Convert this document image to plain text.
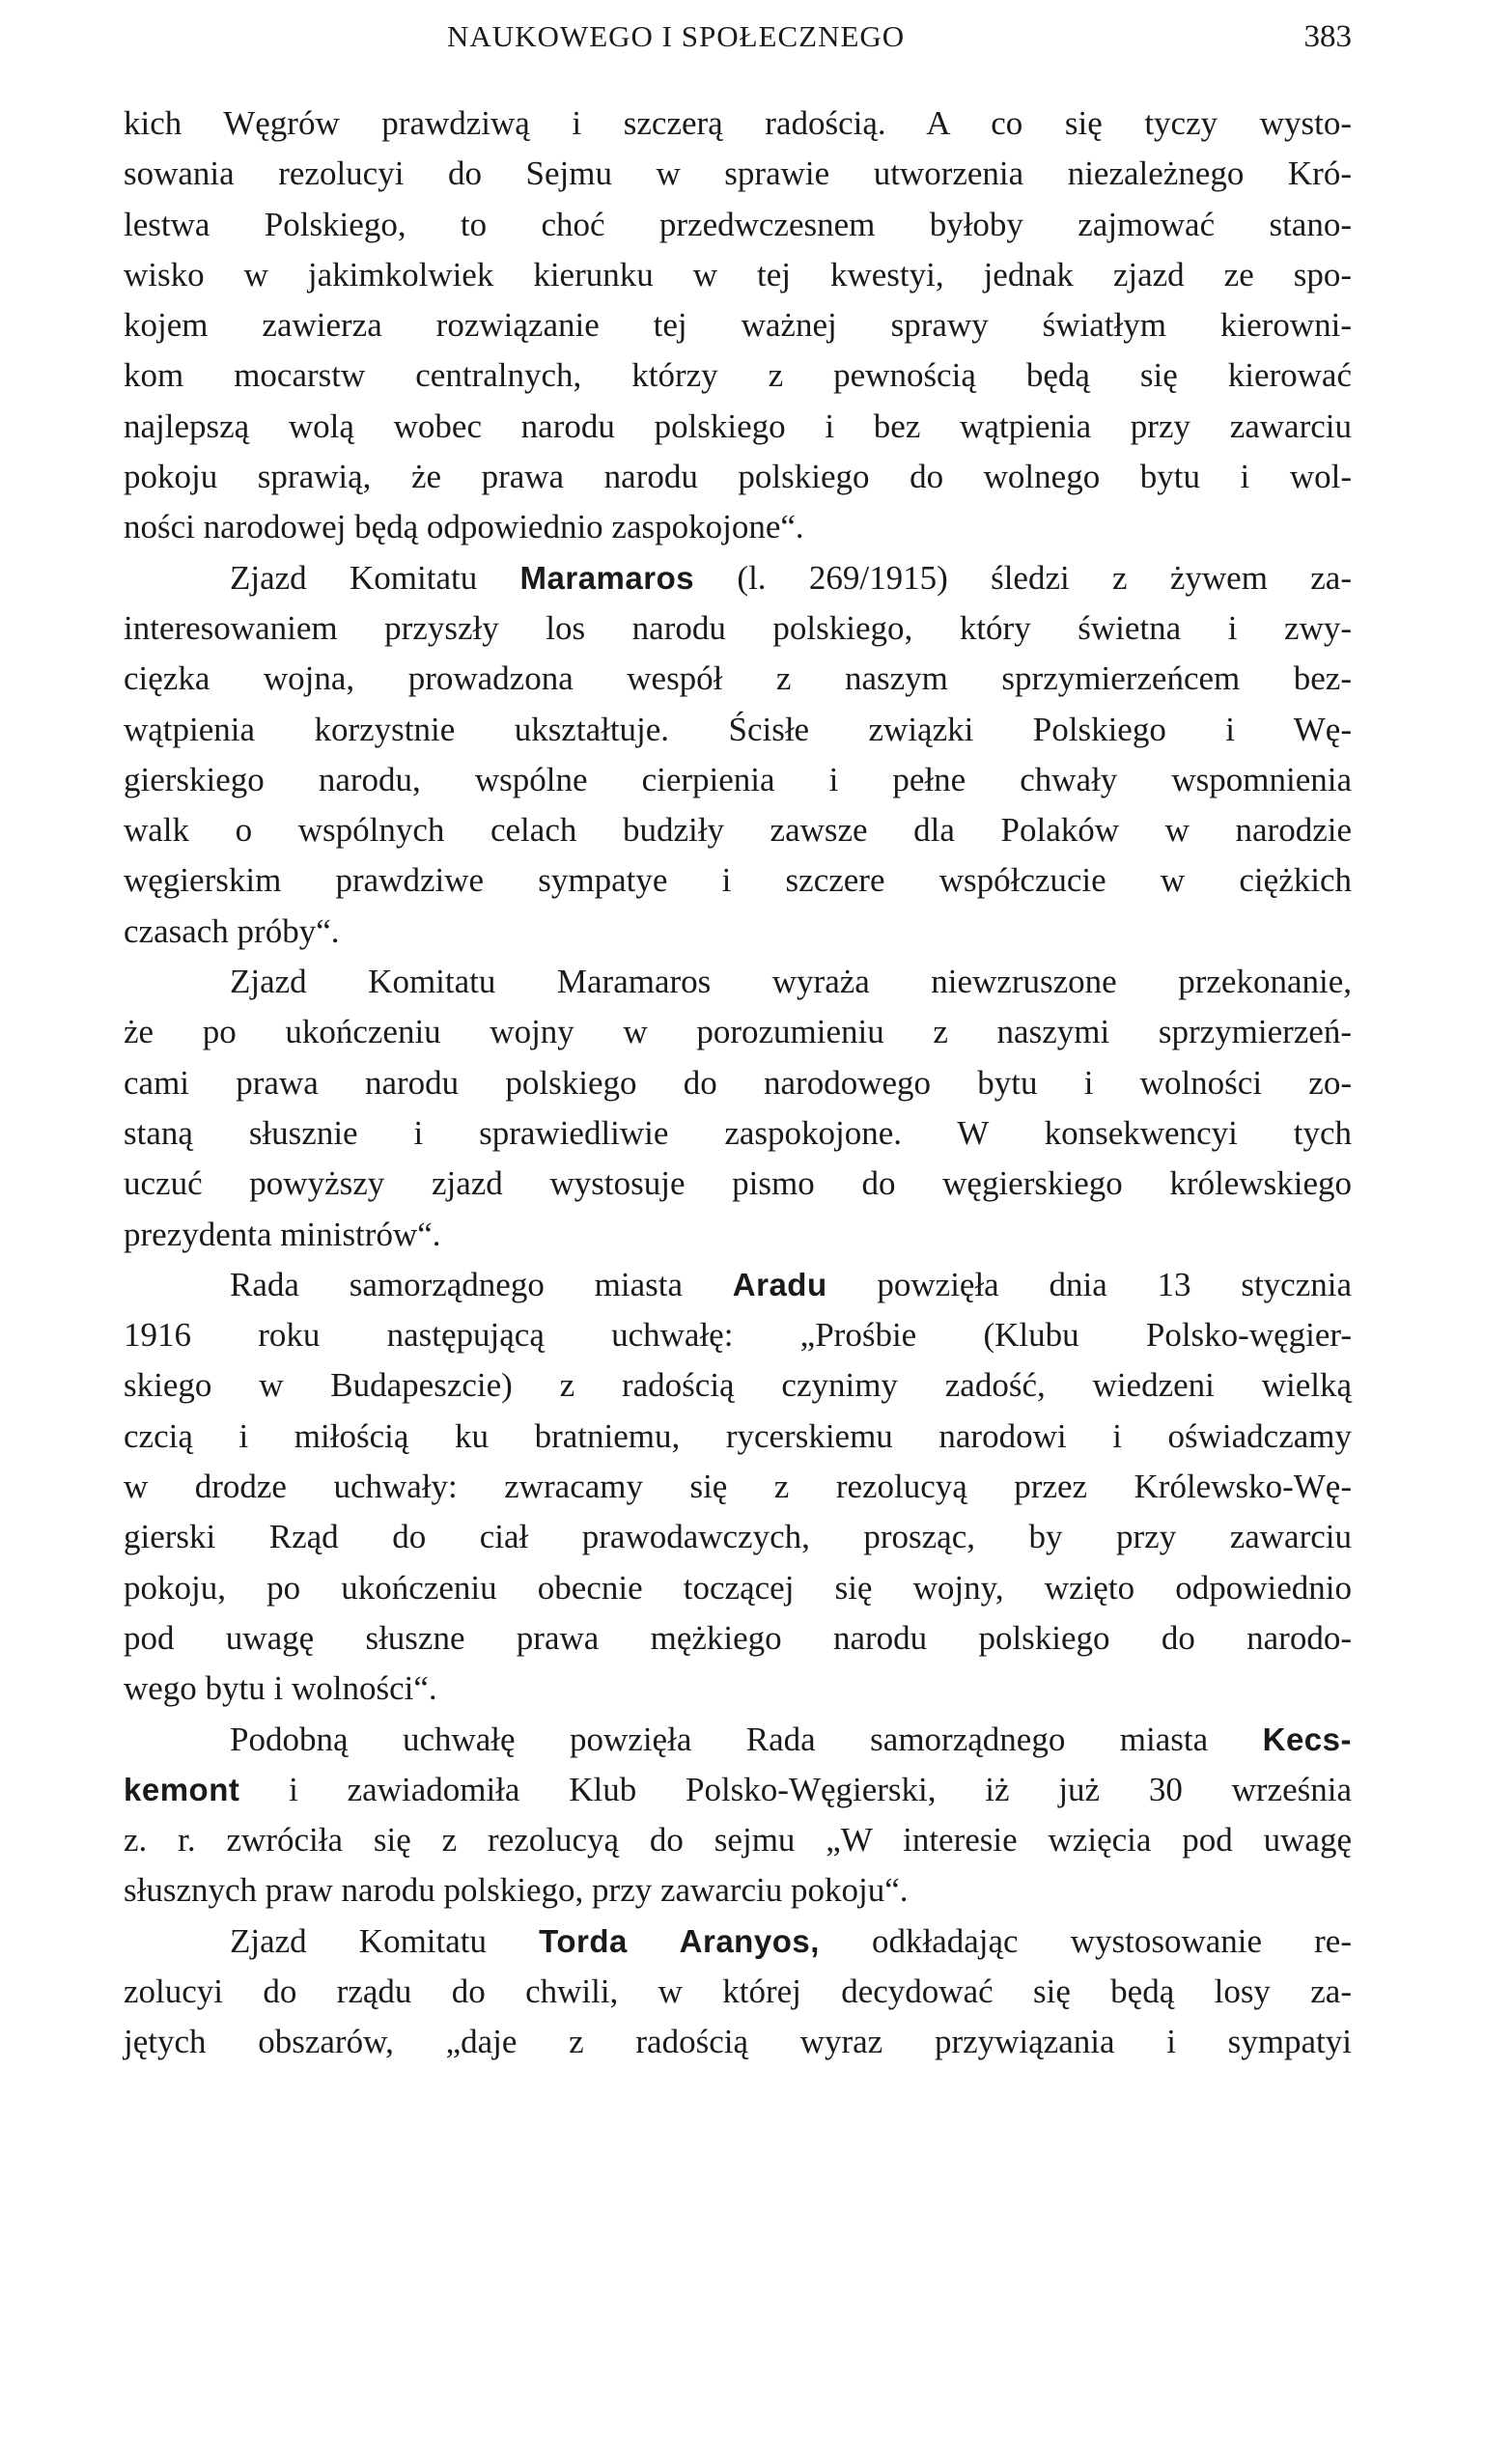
NAUKOWEGO I SPOŁECZNEGO	383
kich Węgrów prawdziwą i szczerą radością. A co się tyczy wysto-
sowania rezolucyi do Sejmu w sprawie utworzenia niezależnego Kró-
lestwa Polskiego, to choć przedwczesnem byłoby zajmować stano-
wisko w jakimkolwiek kierunku w tej kwestyi, jednak zjazd ze spo-
kojem zawierza rozwiązanie tej ważnej sprawy światłym kierowni-
kom mocarstw centralnych, którzy z pewnością będą się kierować
najlepszą wolą wobec narodu polskiego i bez wątpienia przy zawarciu
pokoju sprawią, że prawa narodu polskiego do wolnego bytu i wol-
ności narodowej będą odpowiednio zaspokojone“.
Zjazd Komitatu Maramaros (l. 269/1915) śledzi z żywem za-
interesowaniem przyszły los narodu polskiego, który świetna i zwy-
cięzka wojna, prowadzona wespół z naszym sprzymierzeńcem bez-
wątpienia korzystnie ukształtuje. Ścisłe związki Polskiego i Wę-
gierskiego narodu, wspólne cierpienia i pełne chwały wspomnienia
walk o wspólnych celach budziły zawsze dla Polaków w narodzie
węgierskim prawdziwe sympatye i szczere współczucie w ciężkich
czasach próby“.
Zjazd Komitatu Maramaros wyraża niewzruszone przekonanie,
że po ukończeniu wojny w porozumieniu z naszymi sprzymierzeń-
cami prawa narodu polskiego do narodowego bytu i wolności zo-
staną słusznie i sprawiedliwie zaspokojone. W konsekwencyi tych
uczuć powyższy zjazd wystosuje pismo do węgierskiego królewskiego
prezydenta ministrów“.
Rada samorządnego miasta Aradu powzięła dnia 13 stycznia
1916 roku następującą uchwałę: „Prośbie (Klubu Polsko-węgier-
skiego w Budapeszcie) z radością czynimy zadość, wiedzeni wielką
czcią i miłością ku bratniemu, rycerskiemu narodowi i oświadczamy
w drodze uchwały: zwracamy się z rezolucyą przez Królewsko-Wę-
gierski Rząd do ciał prawodawczych, prosząc, by przy zawarciu
pokoju, po ukończeniu obecnie toczącej się wojny, wzięto odpowiednio
pod uwagę słuszne prawa mężkiego narodu polskiego do narodo-
wego bytu i wolności“.
Podobną uchwałę powzięła Rada samorządnego miasta Kecs-
kemont i zawiadomiła Klub Polsko-Węgierski, iż już 30 września
z. r. zwróciła się z rezolucyą do sejmu „W interesie wzięcia pod uwagę
słusznych praw narodu polskiego, przy zawarciu pokoju“.
Zjazd Komitatu Torda Aranyos, odkładając wystosowanie re-
zolucyi do rządu do chwili, w której decydować się będą losy za-
jętych obszarów, „daje z radością wyraz przywiązania i sympatyi
